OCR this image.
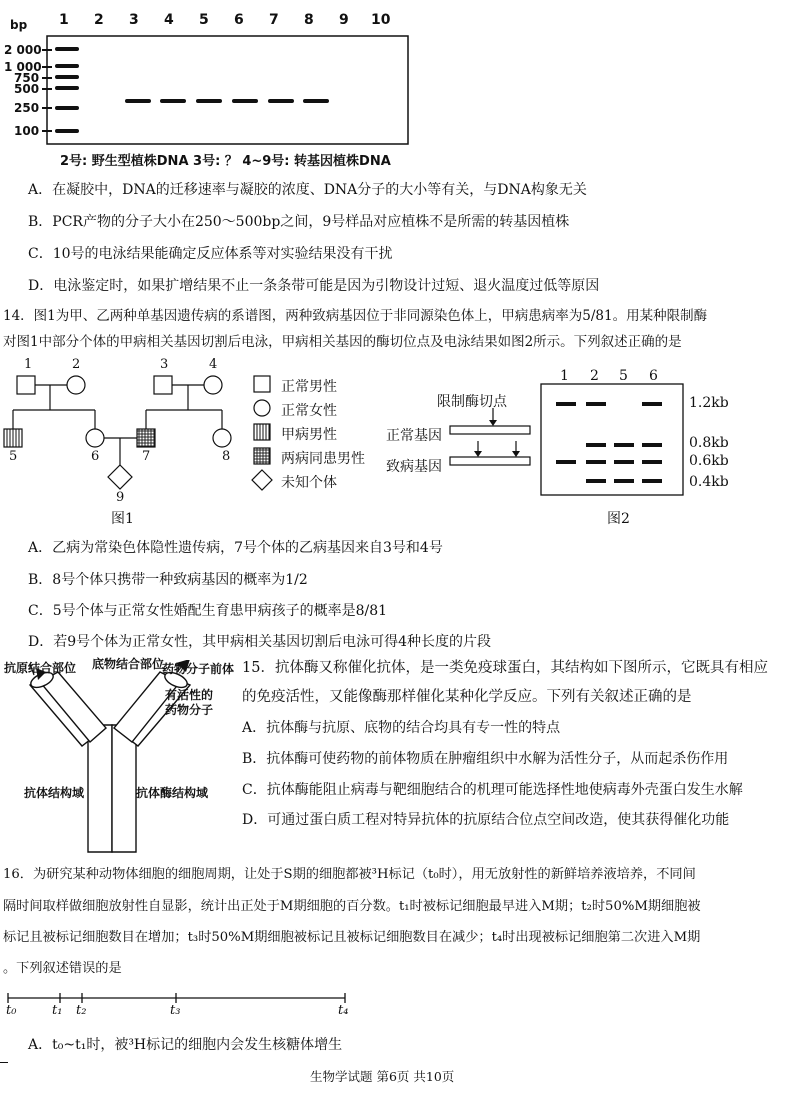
bp 1 2 3 4 5 6 7 8 9 10
2 000
1 000
750
500
250
100
2号: 野生型植株DNA 3号: ？ 4~9号: 转基因植株DNA
A．在凝胶中，DNA的迁移速率与凝胶的浓度、DNA分子的大小等有关，与DNA构象无关
B．PCR产物的分子大小在250～500bp之间，9号样品对应植株不是所需的转基因植株
C．10号的电泳结果能确定反应体系等对实验结果没有干扰
D．电泳鉴定时，如果扩增结果不止一条条带可能是因为引物设计过短、退火温度过低等原因
14．图1为甲、乙两种单基因遗传病的系谱图，两种致病基因位于非同源染色体上，甲病患病率为5/81。用某种限制酶
对图1中部分个体的甲病相关基因切割后电泳，甲病相关基因的酶切位点及电泳结果如图2所示。下列叙述正确的是
1	2	3	4
5	6	7	8
9
图1
正常男性
正常女性
甲病男性
两病同患男性
未知个体
限制酶切点
正常基因
致病基因
1 2 5 6
1.2kb
0.8kb
0.6kb
0.4kb
图2
A．乙病为常染色体隐性遗传病，7号个体的乙病基因来自3号和4号
B．8号个体只携带一种致病基因的概率为1/2
C．5号个体与正常女性婚配生育患甲病孩子的概率是8/81
D．若9号个体为正常女性，其甲病相关基因切割后电泳可得4种长度的片段
抗原结合部位 底物结合部位
药物分子前体
有活性的
药物分子
抗体结构域	抗体酶结构域
15．抗体酶又称催化抗体，是一类免疫球蛋白，其结构如下图所示，它既具有相应
的免疫活性，又能像酶那样催化某种化学反应。下列有关叙述正确的是
A．抗体酶与抗原、底物的结合均具有专一性的特点
B．抗体酶可使药物的前体物质在肿瘤组织中水解为活性分子，从而起杀伤作用
C．抗体酶能阻止病毒与靶细胞结合的机理可能选择性地使病毒外壳蛋白发生水解
D．可通过蛋白质工程对特异抗体的抗原结合位点空间改造，使其获得催化功能
16．为研究某种动物体细胞的细胞周期，让处于S期的细胞都被³H标记（t₀时），用无放射性的新鲜培养液培养，不同间
隔时间取样做细胞放射性自显影，统计出正处于M期细胞的百分数。t₁时被标记细胞最早进入M期；t₂时50%M期细胞被
标记且被标记细胞数目在增加；t₃时50%M期细胞被标记且被标记细胞数目在减少；t₄时出现被标记细胞第二次进入M期
。下列叙述错误的是
t₀	t₁ t₂	t₃	t₄
A．t₀~t₁时，被³H标记的细胞内会发生核糖体增生
生物学试题 第6页 共10页
